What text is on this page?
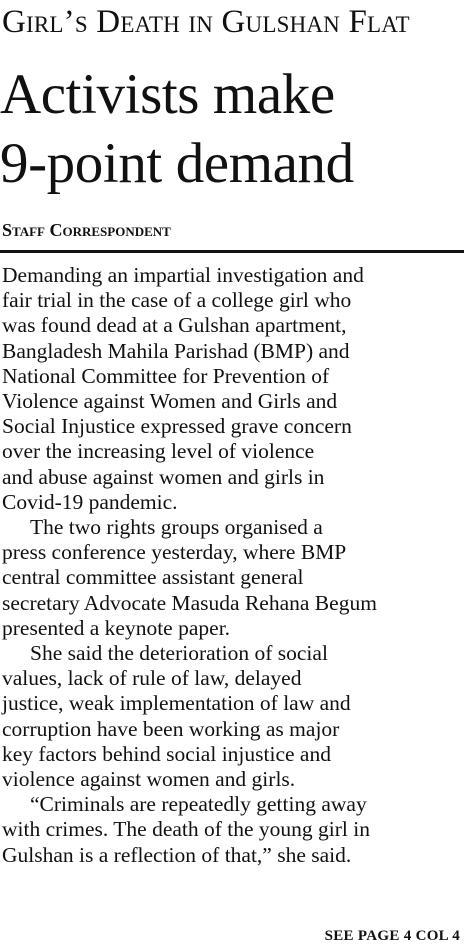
Girl’s Death in Gulshan Flat
Activists make
9-point demand
Staff Correspondent
Demanding an impartial investigation and
fair trial in the case of a college girl who
was found dead at a Gulshan apartment,
Bangladesh Mahila Parishad (BMP) and
National Committee for Prevention of
Violence against Women and Girls and
Social Injustice expressed grave concern
over the increasing level of violence
and abuse against women and girls in
Covid-19 pandemic.
The two rights groups organised a
press conference yesterday, where BMP
central committee assistant general
secretary Advocate Masuda Rehana Begum
presented a keynote paper.
She said the deterioration of social
values, lack of rule of law, delayed
justice, weak implementation of law and
corruption have been working as major
key factors behind social injustice and
violence against women and girls.
“Criminals are repeatedly getting away
with crimes. The death of the young girl in
Gulshan is a reflection of that,” she said.
SEE PAGE 4 COL 4
